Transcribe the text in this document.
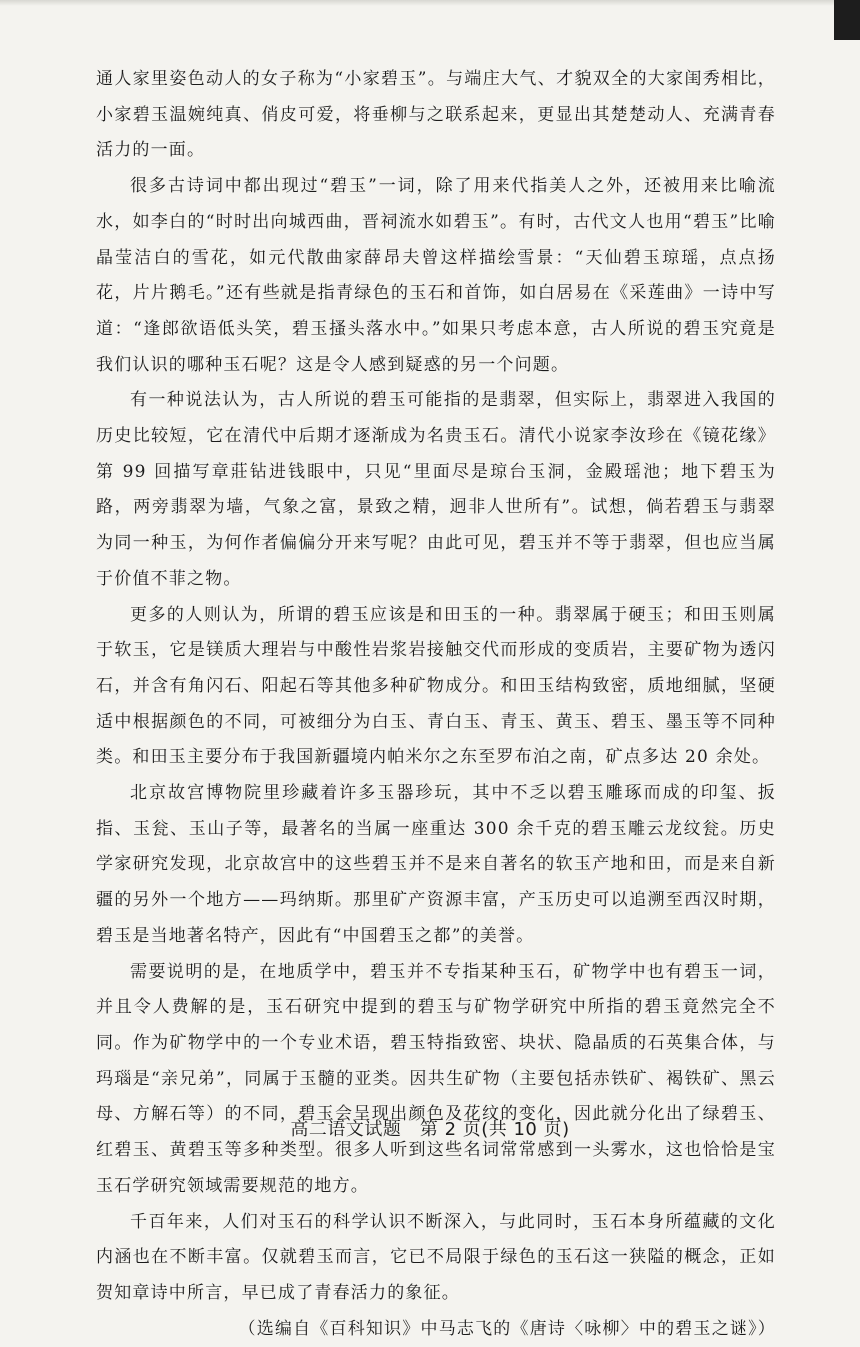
通人家里姿色动人的女子称为“小家碧玉”。与端庄大气、才貌双全的大家闺秀相比，小家碧玉温婉纯真、俏皮可爱，将垂柳与之联系起来，更显出其楚楚动人、充满青春活力的一面。

很多古诗词中都出现过“碧玉”一词，除了用来代指美人之外，还被用来比喻流水，如李白的“时时出向城西曲，晋祠流水如碧玉”。有时，古代文人也用“碧玉”比喻晶莹洁白的雪花，如元代散曲家薛昂夫曾这样描绘雪景：“天仙碧玉琼瑶，点点扬花，片片鹅毛。”还有些就是指青绿色的玉石和首饰，如白居易在《采莲曲》一诗中写道：“逢郎欲语低头笑，碧玉搔头落水中。”如果只考虑本意，古人所说的碧玉究竟是我们认识的哪种玉石呢？这是令人感到疑惑的另一个问题。

有一种说法认为，古人所说的碧玉可能指的是翡翠，但实际上，翡翠进入我国的历史比较短，它在清代中后期才逐渐成为名贵玉石。清代小说家李汝珍在《镜花缘》第 99 回描写章莊钻进钱眼中，只见“里面尽是琼台玉洞，金殿瑶池；地下碧玉为路，两旁翡翠为墙，气象之富，景致之精，迥非人世所有”。试想，倘若碧玉与翡翠为同一种玉，为何作者偏偏分开来写呢？由此可见，碧玉并不等于翡翠，但也应当属于价值不菲之物。

更多的人则认为，所谓的碧玉应该是和田玉的一种。翡翠属于硬玉；和田玉则属于软玉，它是镁质大理岩与中酸性岩浆岩接触交代而形成的变质岩，主要矿物为透闪石，并含有角闪石、阳起石等其他多种矿物成分。和田玉结构致密，质地细腻，坚硬适中根据颜色的不同，可被细分为白玉、青白玉、青玉、黄玉、碧玉、墨玉等不同种类。和田玉主要分布于我国新疆境内帕米尔之东至罗布泊之南，矿点多达 20 余处。

北京故宫博物院里珍藏着许多玉器珍玩，其中不乏以碧玉雕琢而成的印玺、扳指、玉瓮、玉山子等，最著名的当属一座重达 300 余千克的碧玉雕云龙纹瓮。历史学家研究发现，北京故宫中的这些碧玉并不是来自著名的软玉产地和田，而是来自新疆的另外一个地方——玛纳斯。那里矿产资源丰富，产玉历史可以追溯至西汉时期，碧玉是当地著名特产，因此有“中国碧玉之都”的美誉。

需要说明的是，在地质学中，碧玉并不专指某种玉石，矿物学中也有碧玉一词，并且令人费解的是，玉石研究中提到的碧玉与矿物学研究中所指的碧玉竟然完全不同。作为矿物学中的一个专业术语，碧玉特指致密、块状、隐晶质的石英集合体，与玛瑙是“亲兄弟”，同属于玉髓的亚类。因共生矿物（主要包括赤铁矿、褐铁矿、黑云母、方解石等）的不同，碧玉会呈现出颜色及花纹的变化，因此就分化出了绿碧玉、红碧玉、黄碧玉等多种类型。很多人听到这些名词常常感到一头雾水，这也恰恰是宝玉石学研究领域需要规范的地方。

千百年来，人们对玉石的科学认识不断深入，与此同时，玉石本身所蕴藏的文化内涵也在不断丰富。仅就碧玉而言，它已不局限于绿色的玉石这一狭隘的概念，正如贺知章诗中所言，早已成了青春活力的象征。

（选编自《百科知识》中马志飞的《唐诗〈咏柳〉中的碧玉之谜》）

高二语文试题　第 2 页(共 10 页)
